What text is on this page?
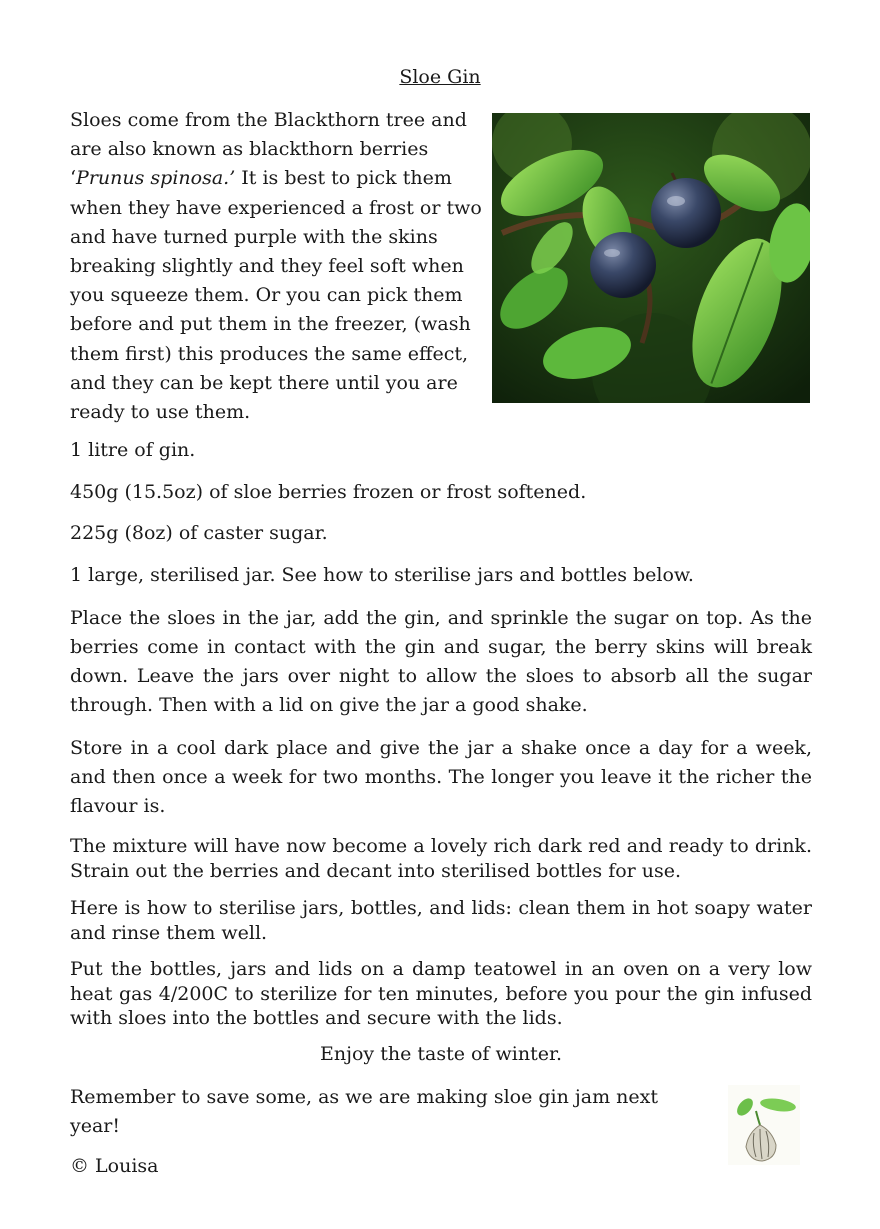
Sloe Gin
Sloes come from the Blackthorn tree and are also known as blackthorn berries ‘Prunus spinosa.’ It is best to pick them when they have experienced a frost or two and have turned purple with the skins breaking slightly and they feel soft when you squeeze them. Or you can pick them before and put them in the freezer, (wash them first) this produces the same effect, and they can be kept there until you are ready to use them.

1 litre of gin.

450g (15.5oz) of sloe berries frozen or frost softened.

225g (8oz) of caster sugar.

1 large, sterilised jar. See how to sterilise jars and bottles below.

Place the sloes in the jar, add the gin, and sprinkle the sugar on top. As the berries come in contact with the gin and sugar, the berry skins will break down. Leave the jars over night to allow the sloes to absorb all the sugar through. Then with a lid on give the jar a good shake.

Store in a cool dark place and give the jar a shake once a day for a week, and then once a week for two months. The longer you leave it the richer the flavour is.

The mixture will have now become a lovely rich dark red and ready to drink. Strain out the berries and decant into sterilised bottles for use.

Here is how to sterilise jars, bottles, and lids: clean them in hot soapy water and rinse them well.

Put the bottles, jars and lids on a damp teatowel in an oven on a very low heat gas 4/200C to sterilize for ten minutes, before you pour the gin infused with sloes into the bottles and secure with the lids.

Enjoy the taste of winter.

Remember to save some, as we are making sloe gin jam next year!

© Louisa
